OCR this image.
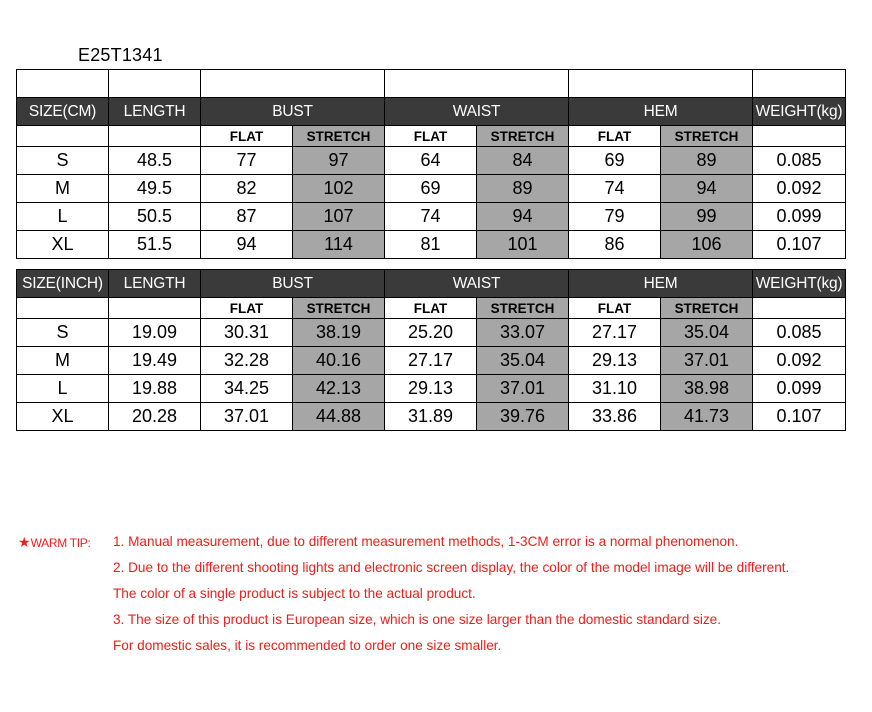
E25T1341

SIZE(CM)	LENGTH	BUST		WAIST		HEM		WEIGHT(kg)
		FLAT	STRETCH	FLAT	STRETCH	FLAT	STRETCH	
S	48.5	77	97	64	84	69	89	0.085
M	49.5	82	102	69	89	74	94	0.092
L	50.5	87	107	74	94	79	99	0.099
XL	51.5	94	114	81	101	86	106	0.107
SIZE(INCH)	LENGTH	BUST		WAIST		HEM		WEIGHT(kg)
		FLAT	STRETCH	FLAT	STRETCH	FLAT	STRETCH	
S	19.09	30.31	38.19	25.20	33.07	27.17	35.04	0.085
M	19.49	32.28	40.16	27.17	35.04	29.13	37.01	0.092
L	19.88	34.25	42.13	29.13	37.01	31.10	38.98	0.099
XL	20.28	37.01	44.88	31.89	39.76	33.86	41.73	0.107
★WARM TIP: 1. Manual measurement, due to different measurement methods, 1-3CM error is a normal phenomenon.
2. Due to the different shooting lights and electronic screen display, the color of the model image will be different.
The color of a single product is subject to the actual product.
3. The size of this product is European size, which is one size larger than the domestic standard size.
For domestic sales, it is recommended to order one size smaller.
